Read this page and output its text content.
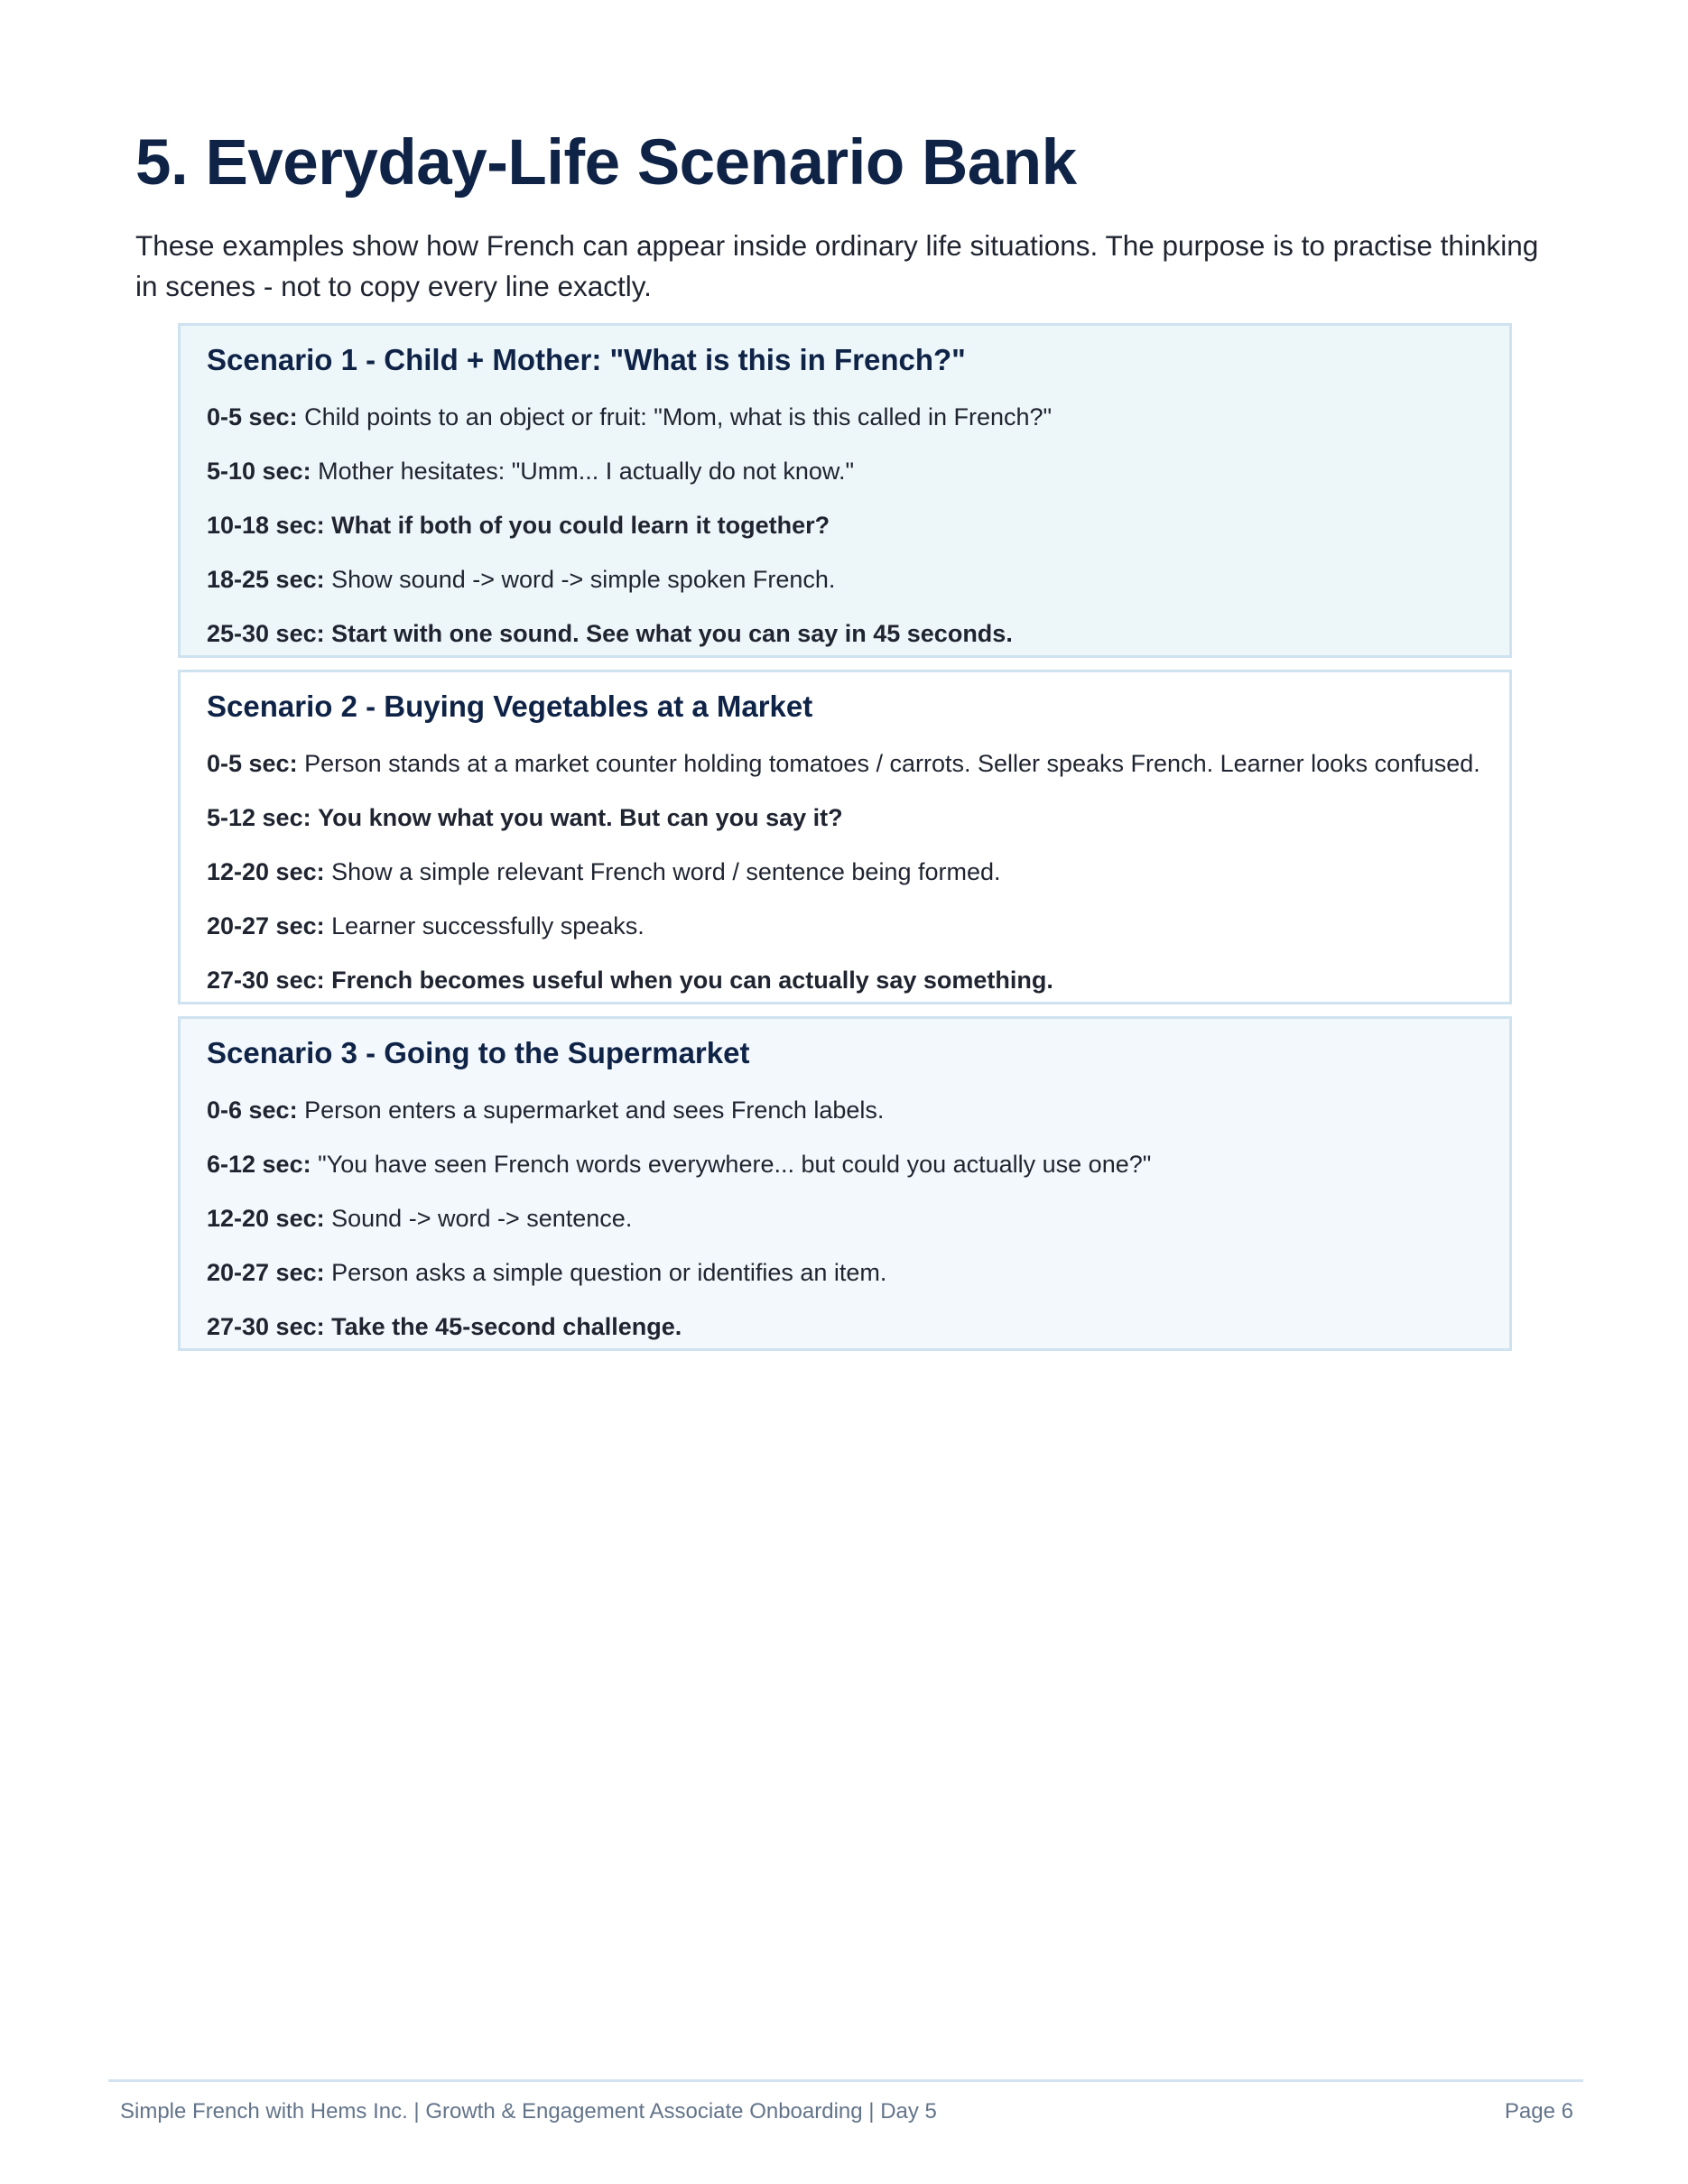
5. Everyday-Life Scenario Bank

These examples show how French can appear inside ordinary life situations. The purpose is to practise thinking in scenes - not to copy every line exactly.

Scenario 1 - Child + Mother: "What is this in French?"

0-5 sec: Child points to an object or fruit: "Mom, what is this called in French?"

5-10 sec: Mother hesitates: "Umm... I actually do not know."

10-18 sec: What if both of you could learn it together?

18-25 sec: Show sound -> word -> simple spoken French.

25-30 sec: Start with one sound. See what you can say in 45 seconds.

Scenario 2 - Buying Vegetables at a Market

0-5 sec: Person stands at a market counter holding tomatoes / carrots. Seller speaks French. Learner looks confused.

5-12 sec: You know what you want. But can you say it?

12-20 sec: Show a simple relevant French word / sentence being formed.

20-27 sec: Learner successfully speaks.

27-30 sec: French becomes useful when you can actually say something.

Scenario 3 - Going to the Supermarket

0-6 sec: Person enters a supermarket and sees French labels.

6-12 sec: "You have seen French words everywhere... but could you actually use one?"

12-20 sec: Sound -> word -> sentence.

20-27 sec: Person asks a simple question or identifies an item.

27-30 sec: Take the 45-second challenge.

Simple French with Hems Inc. | Growth & Engagement Associate Onboarding | Day 5	Page 6
